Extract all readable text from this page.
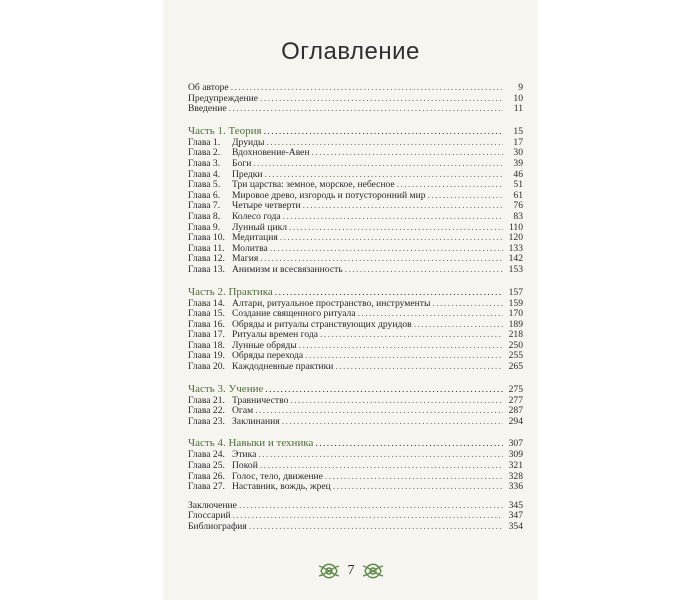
Оглавление
Об авторе . . .	9
Предупреждение . . .	10
Введение . . .	11
Часть 1. Теория . . .	15
Глава 1.	Друиды . . .	17
Глава 2.	Вдохновение-Авен . . .	30
Глава 3.	Боги . . .	39
Глава 4.	Предки . . .	46
Глава 5.	Три царства: земное, морское, небесное . . .	51
Глава 6.	Мировое древо, изгородь и потусторонний мир . . .	61
Глава 7.	Четыре четверти . . .	76
Глава 8.	Колесо года . . .	83
Глава 9.	Лунный цикл . . .	110
Глава 10. Медитация . . .	120
Глава 11. Молитва . . .	133
Глава 12. Магия . . .	142
Глава 13. Анимизм и всесвязанность . . .	153
Часть 2. Практика . . .	157
Глава 14. Алтари, ритуальное пространство, инструменты . . .	159
Глава 15. Создание священного ритуала . . .	170
Глава 16. Обряды и ритуалы странствующих друидов . . .	189
Глава 17. Ритуалы времен года . . .	218
Глава 18. Лунные обряды . . .	250
Глава 19. Обряды перехода . . .	255
Глава 20. Каждодневные практики . . .	265
Часть 3. Учение . . .	275
Глава 21. Травничество . . .	277
Глава 22. Огам . . .	287
Глава 23. Заклинания . . .	294
Часть 4. Навыки и техника . . .	307
Глава 24. Этика . . .	309
Глава 25. Покой . . .	321
Глава 26. Голос, тело, движение . . .	328
Глава 27. Наставник, вождь, жрец . . .	336
Заключение . . .	345
Глоссарий . . .	347
Библиография . . .	354
7
